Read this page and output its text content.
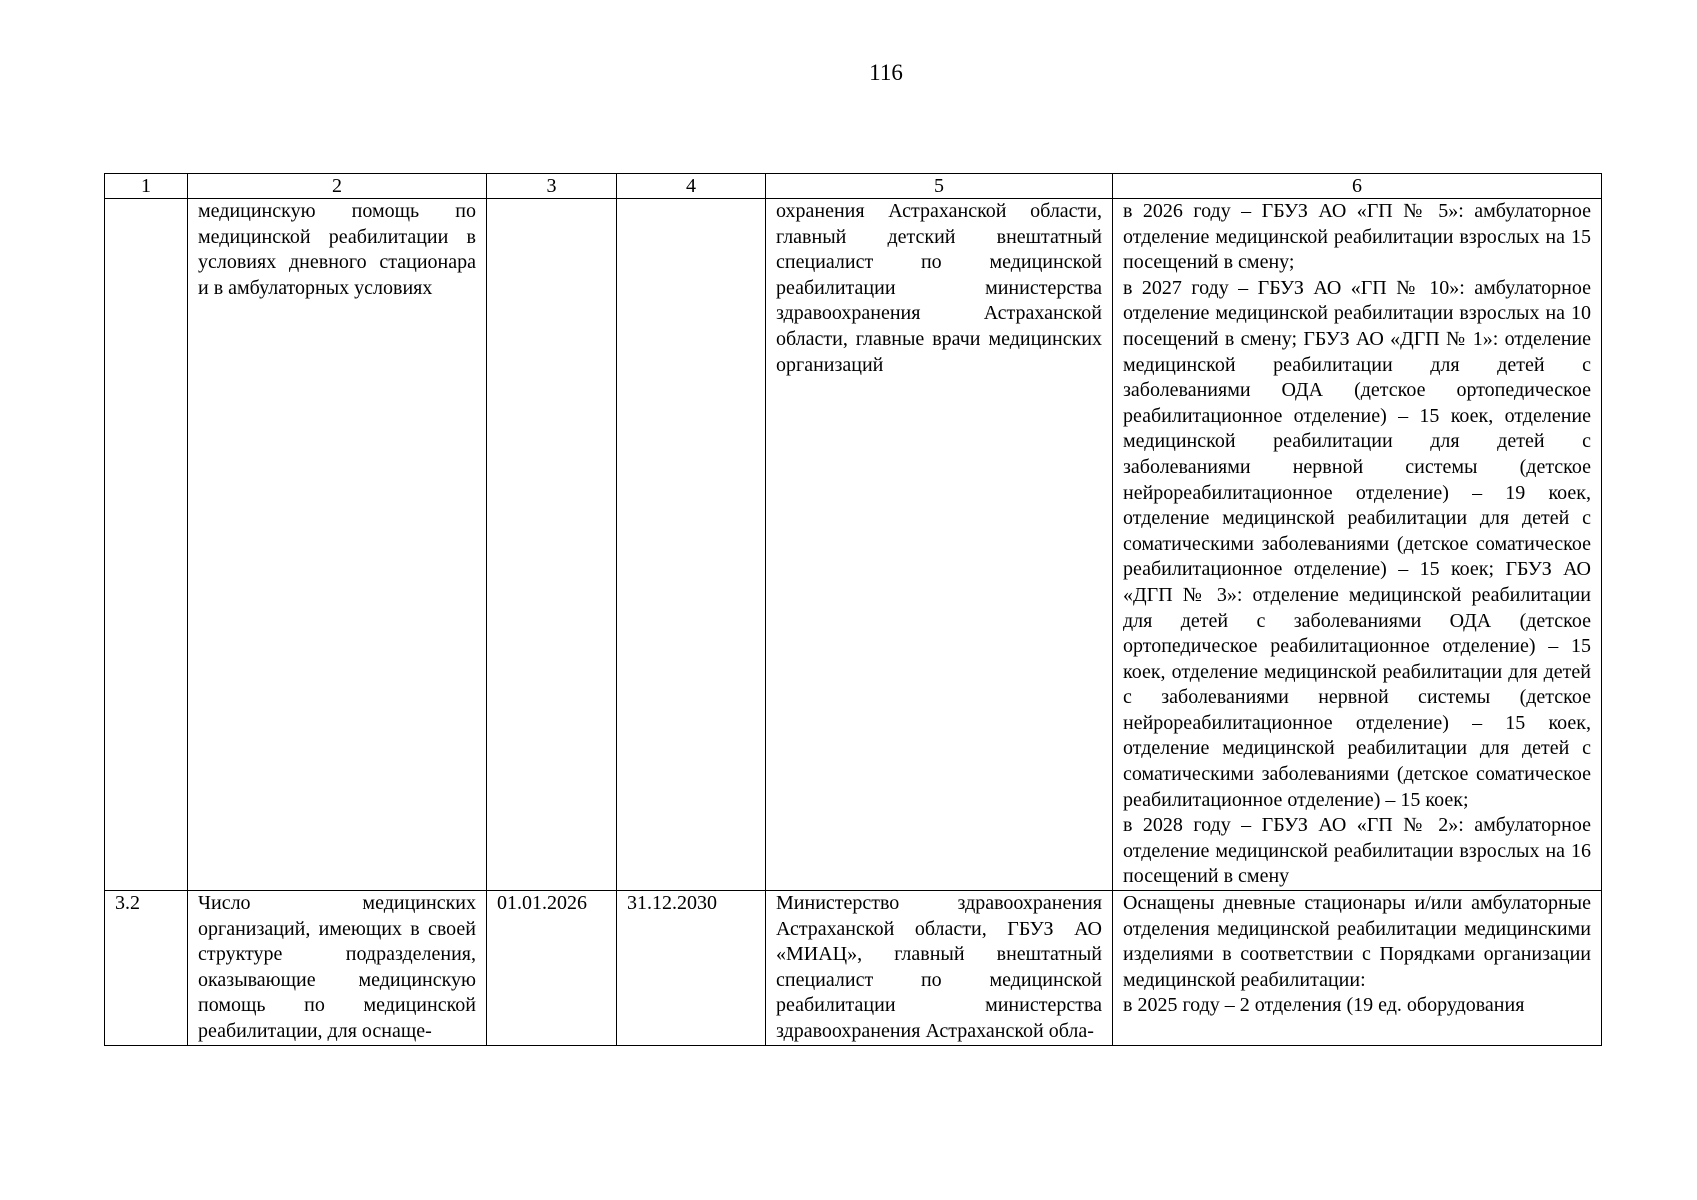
116
1	2	3	4	5	6
	медицинскую помощь по медицинской реабилитации в условиях дневного стационара и в амбулаторных условиях			охранения Астраханской области, главный детский внештатный специалист по медицинской реабилитации министерства здравоохранения Астраханской области, главные врачи медицинских организаций	в 2026 году – ГБУЗ АО «ГП № 5»: амбулаторное отделение медицинской реабилитации взрослых на 15 посещений в смену;
в 2027 году – ГБУЗ АО «ГП № 10»: амбулаторное отделение медицинской реабилитации взрослых на 10 посещений в смену; ГБУЗ АО «ДГП № 1»: отделение медицинской реабилитации для детей с заболеваниями ОДА (детское ортопедическое реабилитационное отделение) – 15 коек, отделение медицинской реабилитации для детей с заболеваниями нервной системы (детское нейрореабилитационное отделение) – 19 коек, отделение медицинской реабилитации для детей с соматическими заболеваниями (детское соматическое реабилитационное отделение) – 15 коек; ГБУЗ АО «ДГП № 3»: отделение медицинской реабилитации для детей с заболеваниями ОДА (детское ортопедическое реабилитационное отделение) – 15 коек, отделение медицинской реабилитации для детей с заболеваниями нервной системы (детское нейрореабилитационное отделение) – 15 коек, отделение медицинской реабилитации для детей с соматическими заболеваниями (детское соматическое реабилитационное отделение) – 15 коек;
в 2028 году – ГБУЗ АО «ГП № 2»: амбулаторное отделение медицинской реабилитации взрослых на 16 посещений в смену

3.2	Число медицинских организаций, имеющих в своей структуре подразделения, оказывающие медицинскую помощь по медицинской реабилитации, для оснаще-	01.01.2026	31.12.2030	Министерство здравоохранения Астраханской области, ГБУЗ АО «МИАЦ», главный внештатный специалист по медицинской реабилитации министерства здравоохранения Астраханской обла-	Оснащены дневные стационары и/или амбулаторные отделения медицинской реабилитации медицинскими изделиями в соответствии с Порядками организации медицинской реабилитации:
в 2025 году – 2 отделения (19 ед. оборудования
